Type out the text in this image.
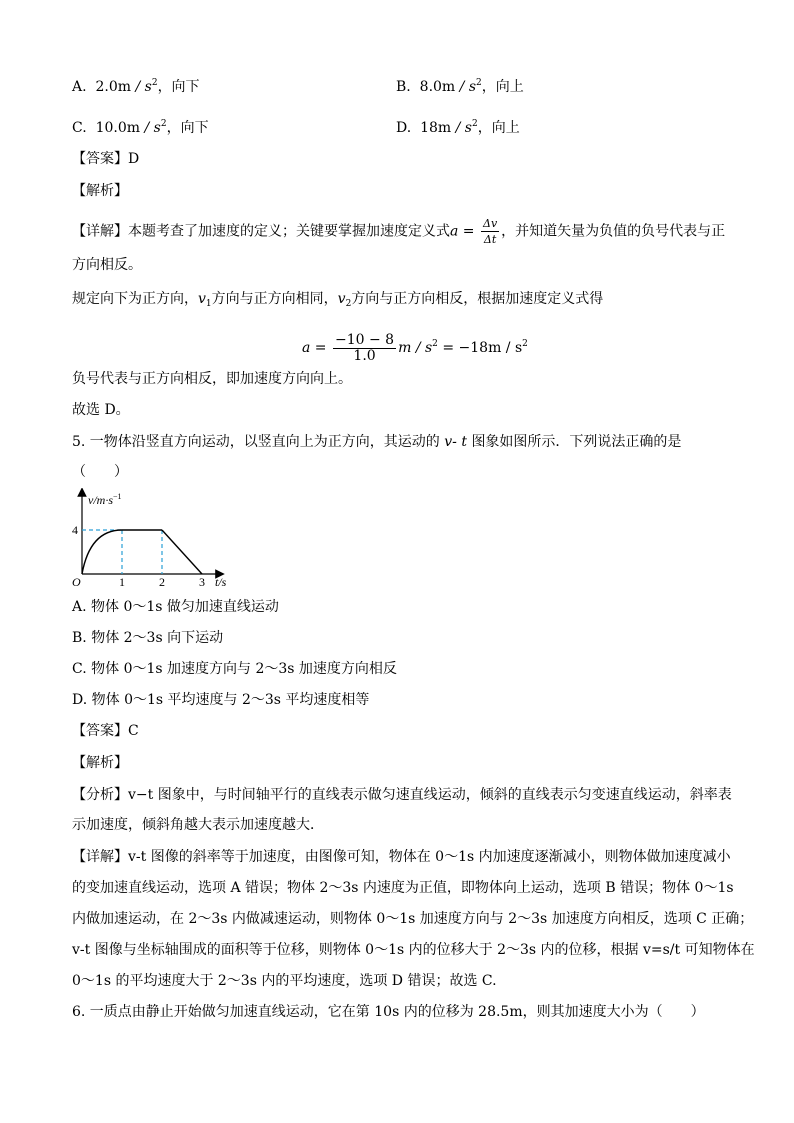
A. $2.0m / s^2$，向下	B. $8.0m / s^2$，向上
C. $10.0m / s^2$，向下	D. $18m / s^2$，向上
【答案】D
【解析】
【详解】本题考查了加速度的定义；关键要掌握加速度定义式$a = \frac{\Delta v}{\Delta t}$ ，并知道矢量为负值的负号代表与正
方向相反。
规定向下为正方向，$v_1$方向与正方向相同，$v_2$方向与正方向相反，根据加速度定义式得
$a = \frac{-10 - 8}{1.0}$ $m / s^2 = -18m / s^2$
负号代表与正方向相反，即加速度方向向上。
故选 D。
5. 一物体沿竖直方向运动，以竖直向上为正方向，其运动的 v- t 图象如图所示．下列说法正确的是
（　　）
$v/m\cdot s^{-1}$
4
O	1	2	3 t/s
A. 物体 0～1s 做匀加速直线运动
B. 物体 2～3s 向下运动
C. 物体 0～1s 加速度方向与 2～3s 加速度方向相反
D. 物体 0～1s 平均速度与 2～3s 平均速度相等
【答案】C
【解析】
【分析】v−t 图象中，与时间轴平行的直线表示做匀速直线运动，倾斜的直线表示匀变速直线运动，斜率表
示加速度，倾斜角越大表示加速度越大．
【详解】v-t 图像的斜率等于加速度，由图像可知，物体在 0～1s 内加速度逐渐减小，则物体做加速度减小
的变加速直线运动，选项 A 错误；物体 2～3s 内速度为正值，即物体向上运动，选项 B 错误；物体 0～1s
内做加速运动，在 2～3s 内做减速运动，则物体 0～1s 加速度方向与 2～3s 加速度方向相反，选项 C 正确；
v-t 图像与坐标轴围成的面积等于位移，则物体 0～1s 内的位移大于 2～3s 内的位移，根据 v=s/t 可知物体在
0～1s 的平均速度大于 2～3s 内的平均速度，选项 D 错误；故选 C.
6. 一质点由静止开始做匀加速直线运动，它在第 10s 内的位移为 28.5m，则其加速度大小为（　　）
